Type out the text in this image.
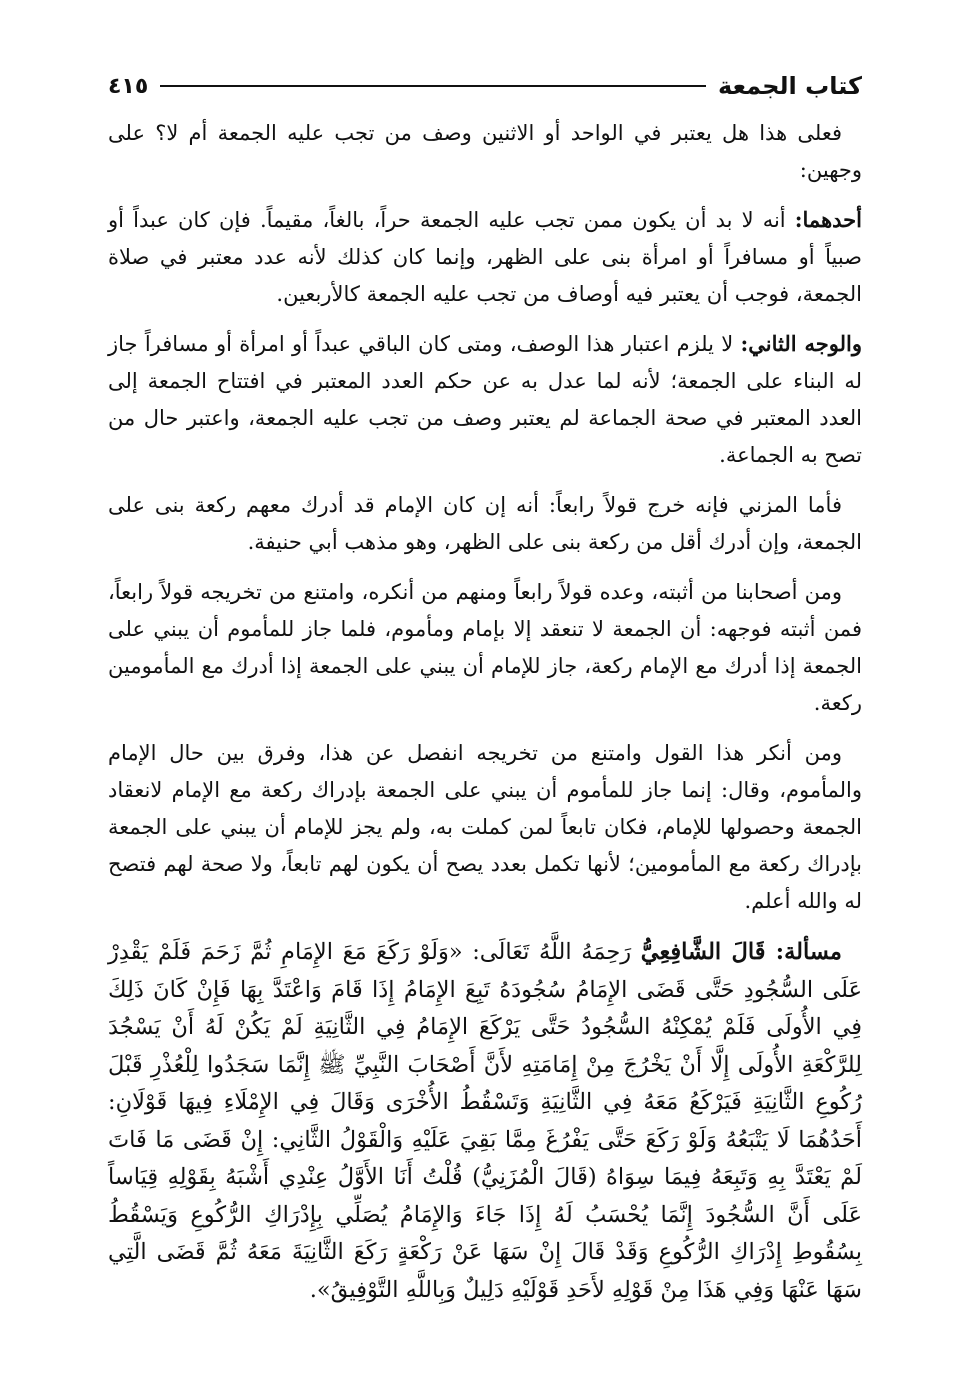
كتاب الجمعة
٤١٥

فعلى هذا هل يعتبر في الواحد أو الاثنين وصف من تجب عليه الجمعة أم لا؟ على وجهين:

أحدهما: أنه لا بد أن يكون ممن تجب عليه الجمعة حراً، بالغاً، مقيماً. فإن كان عبداً أو صبياً أو مسافراً أو امرأة بنى على الظهر، وإنما كان كذلك لأنه عدد معتبر في صلاة الجمعة، فوجب أن يعتبر فيه أوصاف من تجب عليه الجمعة كالأربعين.

والوجه الثاني: لا يلزم اعتبار هذا الوصف، ومتى كان الباقي عبداً أو امرأة أو مسافراً جاز له البناء على الجمعة؛ لأنه لما عدل به عن حكم العدد المعتبر في افتتاح الجمعة إلى العدد المعتبر في صحة الجماعة لم يعتبر وصف من تجب عليه الجمعة، واعتبر حال من تصح به الجماعة.

فأما المزني فإنه خرج قولاً رابعاً: أنه إن كان الإمام قد أدرك معهم ركعة بنى على الجمعة، وإن أدرك أقل من ركعة بنى على الظهر، وهو مذهب أبي حنيفة.

ومن أصحابنا من أثبته، وعده قولاً رابعاً ومنهم من أنكره، وامتنع من تخريجه قولاً رابعاً، فمن أثبته فوجهه: أن الجمعة لا تنعقد إلا بإمام ومأموم، فلما جاز للمأموم أن يبني على الجمعة إذا أدرك مع الإمام ركعة، جاز للإمام أن يبني على الجمعة إذا أدرك مع المأمومين ركعة.

ومن أنكر هذا القول وامتنع من تخريجه انفصل عن هذا، وفرق بين حال الإمام والمأموم، وقال: إنما جاز للمأموم أن يبني على الجمعة بإدراك ركعة مع الإمام لانعقاد الجمعة وحصولها للإمام، فكان تابعاً لمن كملت به، ولم يجز للإمام أن يبني على الجمعة بإدراك ركعة مع المأمومين؛ لأنها تكمل بعدد يصح أن يكون لهم تابعاً، ولا صحة لهم فتصح له والله أعلم.

مسألة: قَالَ الشَّافِعِيُّ رَحِمَهُ اللَّهُ تَعَالَى: «وَلَوْ رَكَعَ مَعَ الإِمَامِ ثُمَّ زَحَمَ فَلَمْ يَقْدِرْ عَلَى السُّجُودِ حَتَّى قَضَى الإِمَامُ سُجُودَهُ تَبِعَ الإِمَامُ إِذَا قَامَ وَاعْتَدَّ بِهَا فَإِنْ كَانَ ذَلِكَ فِي الأُولَى فَلَمْ يُمْكِنْهُ السُّجُودُ حَتَّى يَرْكَعَ الإِمَامُ فِي الثَّانِيَةِ لَمْ يَكُنْ لَهُ أَنْ يَسْجُدَ لِلرَّكْعَةِ الأُولَى إِلَّا أَنْ يَخْرُجَ مِنْ إِمَامَتِهِ لأَنَّ أَصْحَابَ النَّبِيِّ ﷺ إِنَّمَا سَجَدُوا لِلْعُذْرِ قَبْلَ رُكُوعِ الثَّانِيَةِ فَيَرْكَعُ مَعَهُ فِي الثَّانِيَةِ وَتَسْقُطُ الأُخْرَى وَقَالَ فِي الإِمْلَاءِ فِيهَا قَوْلَانِ: أَحَدُهُمَا لَا يَتْبَعُهُ وَلَوْ رَكَعَ حَتَّى يَفْرُغَ مِمَّا بَقِيَ عَلَيْهِ وَالْقَوْلُ الثَّانِي: إِنْ قَضَى مَا فَاتَ لَمْ يَعْتَدَّ بِهِ وَتَبِعَهُ فِيمَا سِوَاهُ (قَالَ الْمُزَنِيُّ) قُلْتُ أَنَا الأَوَّلُ عِنْدِي أَشْبَهُ بِقَوْلِهِ قِيَاساً عَلَى أَنَّ السُّجُودَ إِنَّمَا يُحْسَبُ لَهُ إِذَا جَاءَ وَالإِمَامُ يُصَلِّي بِإِدْرَاكِ الرُّكُوعِ وَيَسْقُطُ بِسُقُوطِ إِدْرَاكِ الرُّكُوعِ وَقَدْ قَالَ إِنْ سَهَا عَنْ رَكْعَةٍ رَكَعَ الثَّانِيَةَ مَعَهُ ثُمَّ قَضَى الَّتِي سَهَا عَنْهَا وَفِي هَذَا مِنْ قَوْلِهِ لأَحَدِ قَوْلَيْهِ دَلِيلٌ وَبِاللَّهِ التَّوْفِيقُ».
